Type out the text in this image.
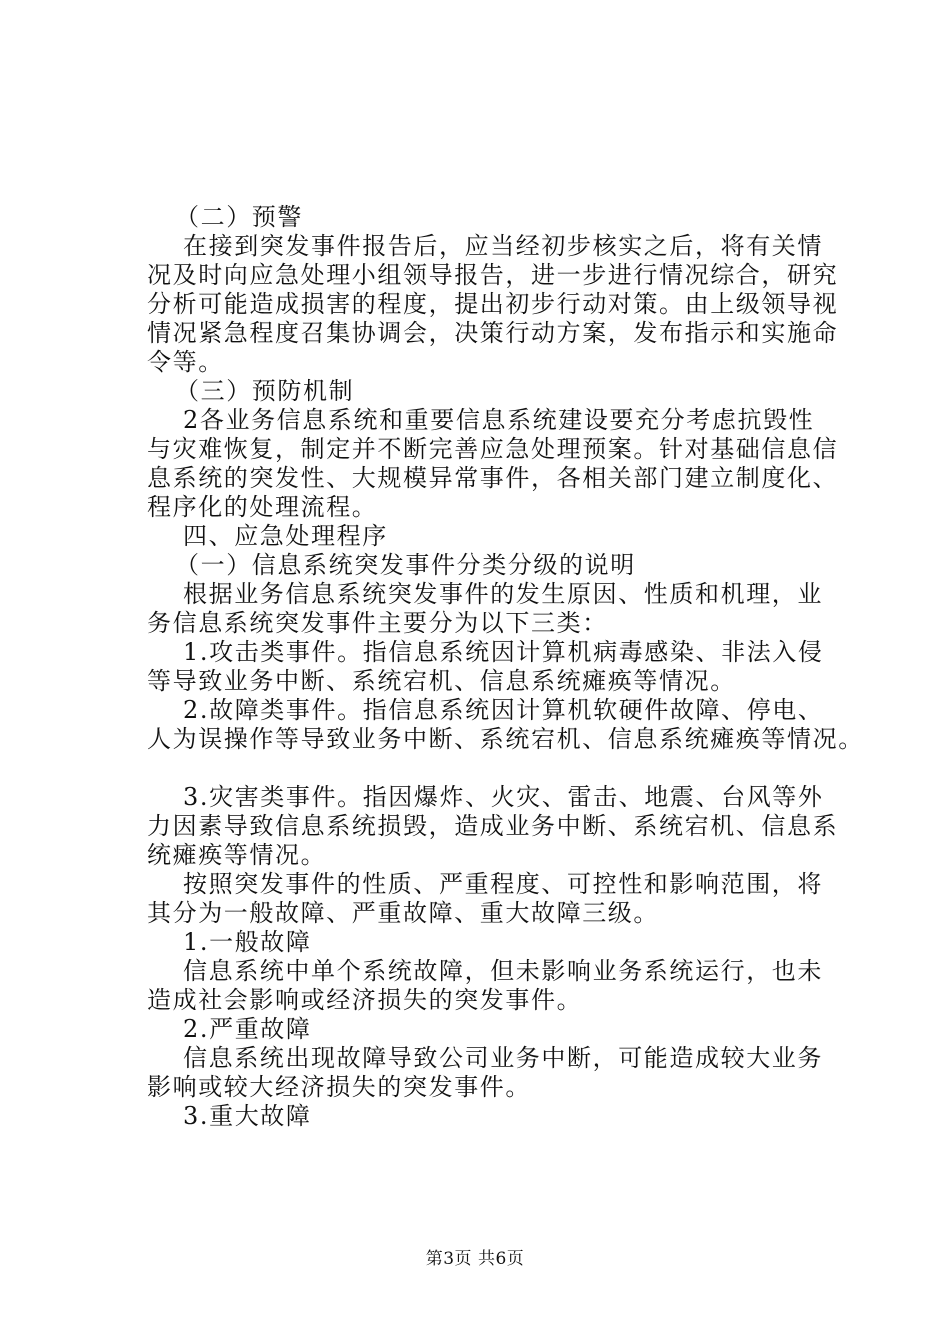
（二）预警
在接到突发事件报告后，应当经初步核实之后，将有关情
况及时向应急处理小组领导报告，进一步进行情况综合，研究
分析可能造成损害的程度，提出初步行动对策。由上级领导视
情况紧急程度召集协调会，决策行动方案，发布指示和实施命
令等。
（三）预防机制
2各业务信息系统和重要信息系统建设要充分考虑抗毁性
与灾难恢复，制定并不断完善应急处理预案。针对基础信息信
息系统的突发性、大规模异常事件，各相关部门建立制度化、
程序化的处理流程。
四、应急处理程序
（一）信息系统突发事件分类分级的说明
根据业务信息系统突发事件的发生原因、性质和机理，业
务信息系统突发事件主要分为以下三类：
1.攻击类事件。指信息系统因计算机病毒感染、非法入侵
等导致业务中断、系统宕机、信息系统瘫痪等情况。
2.故障类事件。指信息系统因计算机软硬件故障、停电、
人为误操作等导致业务中断、系统宕机、信息系统瘫痪等情况。
3.灾害类事件。指因爆炸、火灾、雷击、地震、台风等外
力因素导致信息系统损毁，造成业务中断、系统宕机、信息系
统瘫痪等情况。
按照突发事件的性质、严重程度、可控性和影响范围，将
其分为一般故障、严重故障、重大故障三级。
1.一般故障
信息系统中单个系统故障，但未影响业务系统运行，也未
造成社会影响或经济损失的突发事件。
2.严重故障
信息系统出现故障导致公司业务中断，可能造成较大业务
影响或较大经济损失的突发事件。
3.重大故障
第3页 共6页
